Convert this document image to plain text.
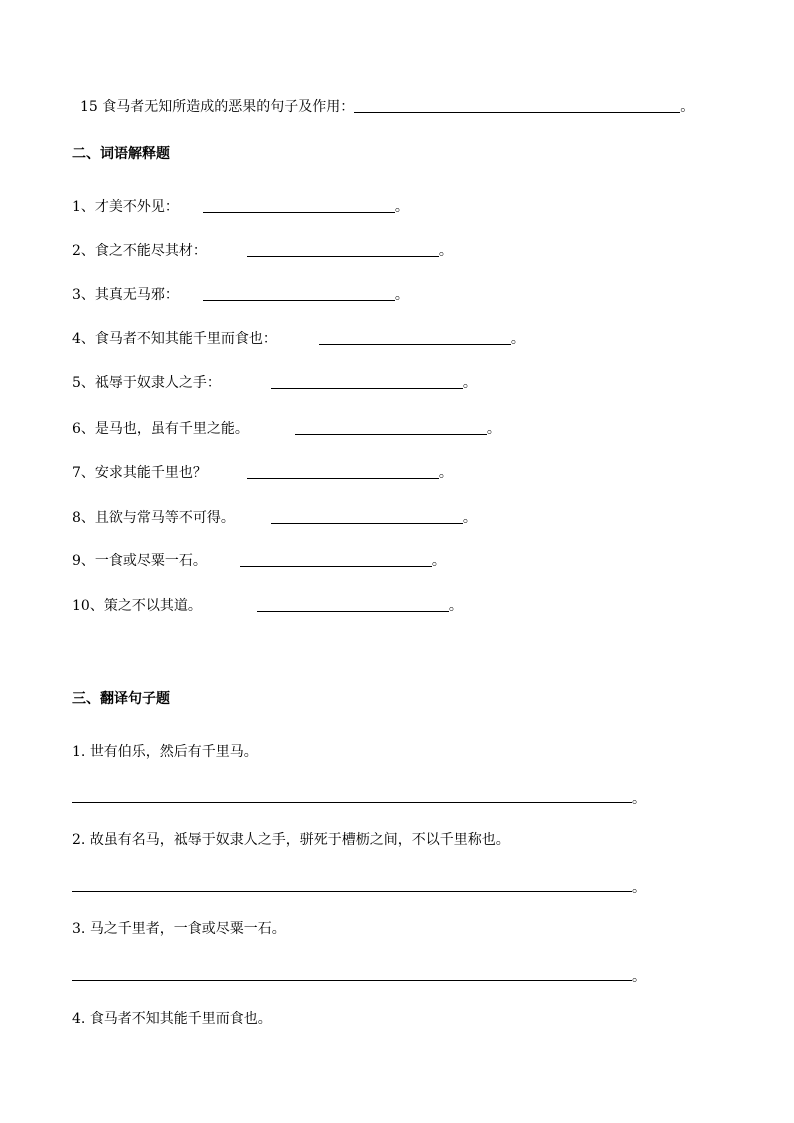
15 食马者无知所造成的恶果的句子及作用：	。
二、词语解释题
1、才美不外见：	。
2、食之不能尽其材：	。
3、其真无马邪：	。
4、食马者不知其能千里而食也：	。
5、祗辱于奴隶人之手：	。
6、是马也，虽有千里之能。	。
7、安求其能千里也？	。
8、且欲与常马等不可得。	。
9、一食或尽粟一石。	。
10、策之不以其道。	。
三、翻译句子题
1. 世有伯乐，然后有千里马。
。
2. 故虽有名马，祗辱于奴隶人之手，骈死于槽枥之间，不以千里称也。
。
3. 马之千里者，一食或尽粟一石。
。
4. 食马者不知其能千里而食也。
